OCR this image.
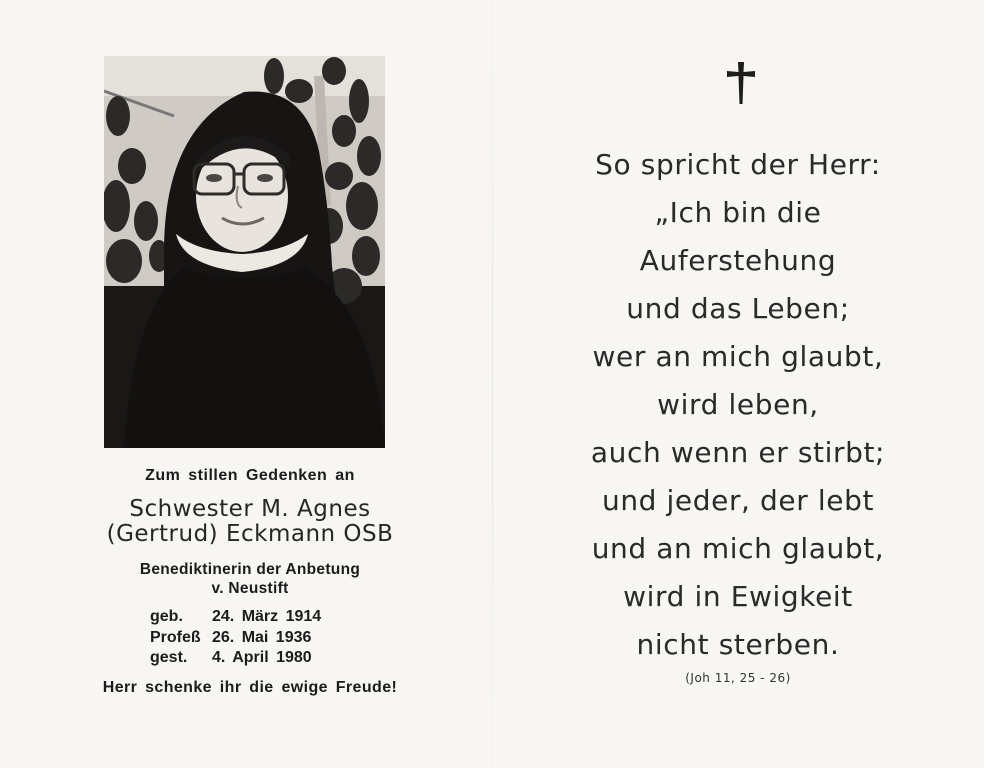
Zum stillen Gedenken an
Schwester M. Agnes
(Gertrud) Eckmann OSB
Benediktinerin der Anbetung
v. Neustift
geb.	24. März 1914
Profeß 26. Mai 1936
gest.	4. April 1980
Herr schenke ihr die ewige Freude!
So spricht der Herr:
„Ich bin die
Auferstehung
und das Leben;
wer an mich glaubt,
wird leben,
auch wenn er stirbt;
und jeder, der lebt
und an mich glaubt,
wird in Ewigkeit
nicht sterben.
(Joh 11, 25 - 26)
